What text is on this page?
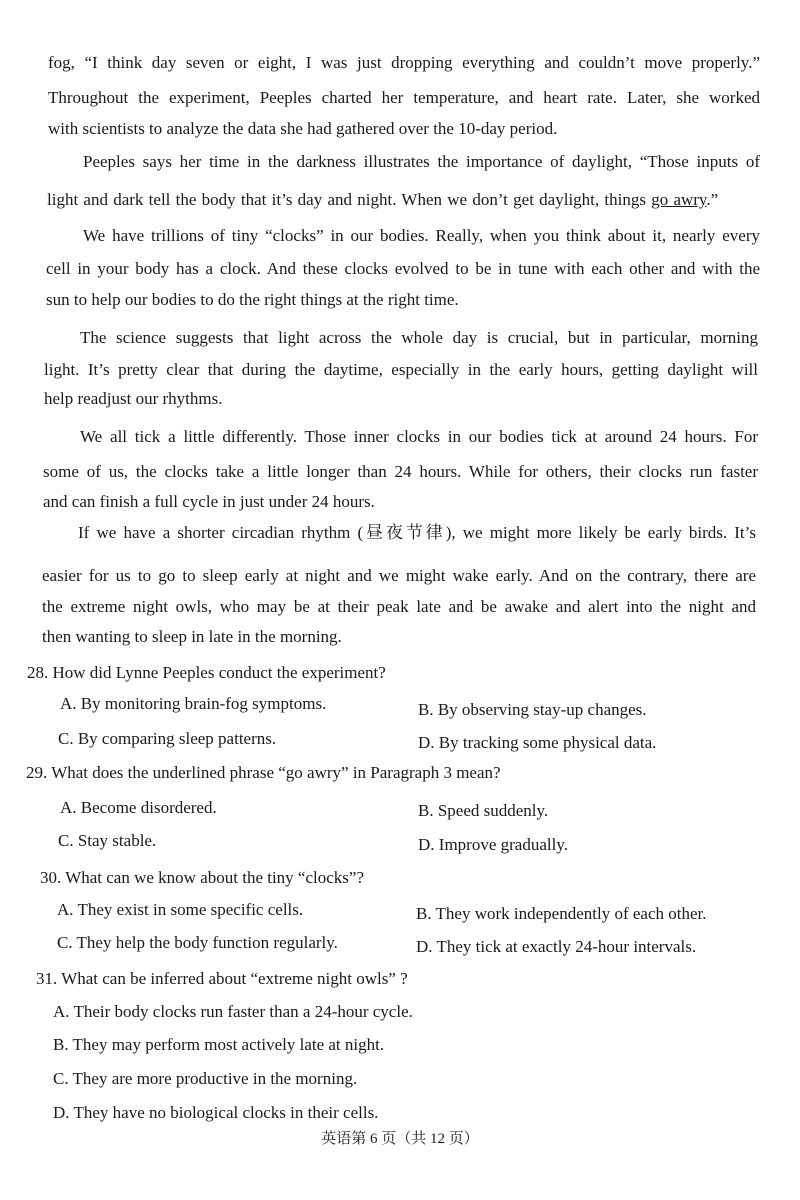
fog, “I think day seven or eight, I was just dropping everything and couldn’t move properly.”
Throughout the experiment, Peeples charted her temperature, and heart rate. Later, she worked
with scientists to analyze the data she had gathered over the 10-day period.
Peeples says her time in the darkness illustrates the importance of daylight, “Those inputs of
light and dark tell the body that it’s day and night. When we don’t get daylight, things go awry.”
We have trillions of tiny “clocks” in our bodies. Really, when you think about it, nearly every
cell in your body has a clock. And these clocks evolved to be in tune with each other and with the
sun to help our bodies to do the right things at the right time.
The science suggests that light across the whole day is crucial, but in particular, morning
light. It’s pretty clear that during the daytime, especially in the early hours, getting daylight will
help readjust our rhythms.
We all tick a little differently. Those inner clocks in our bodies tick at around 24 hours. For
some of us, the clocks take a little longer than 24 hours. While for others, their clocks run faster
and can finish a full cycle in just under 24 hours.
If we have a shorter circadian rhythm (昼夜节律), we might more likely be early birds. It’s
easier for us to go to sleep early at night and we might wake early. And on the contrary, there are
the extreme night owls, who may be at their peak late and be awake and alert into the night and
then wanting to sleep in late in the morning.
28. How did Lynne Peeples conduct the experiment?
A. By monitoring brain-fog symptoms.	B. By observing stay-up changes.
C. By comparing sleep patterns.	D. By tracking some physical data.
29. What does the underlined phrase “go awry” in Paragraph 3 mean?
A. Become disordered.	B. Speed suddenly.
C. Stay stable.	D. Improve gradually.
30. What can we know about the tiny “clocks”?
A. They exist in some specific cells.	B. They work independently of each other.
C. They help the body function regularly.	D. They tick at exactly 24-hour intervals.
31. What can be inferred about “extreme night owls” ?
A. Their body clocks run faster than a 24-hour cycle.
B. They may perform most actively late at night.
C. They are more productive in the morning.
D. They have no biological clocks in their cells.
英语第 6 页（共 12 页）
